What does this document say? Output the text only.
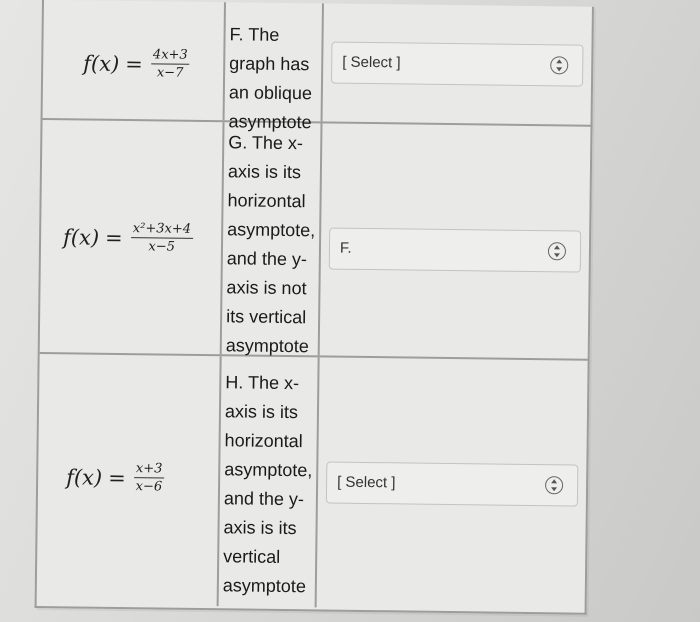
$f(x) = \frac{4x+3}{x-7}$
F. The graph has an oblique asymptote
[ Select ]
$f(x) = \frac{\text{x²+3x+4}}{x-5}$
G. The x-axis is its horizontal asymptote, and the y-axis is not its vertical asymptote
F.
$f(x) = \frac{x+3}{x-6}$
H. The x-axis is its horizontal asymptote, and the y-axis is its vertical asymptote
[ Select ]
